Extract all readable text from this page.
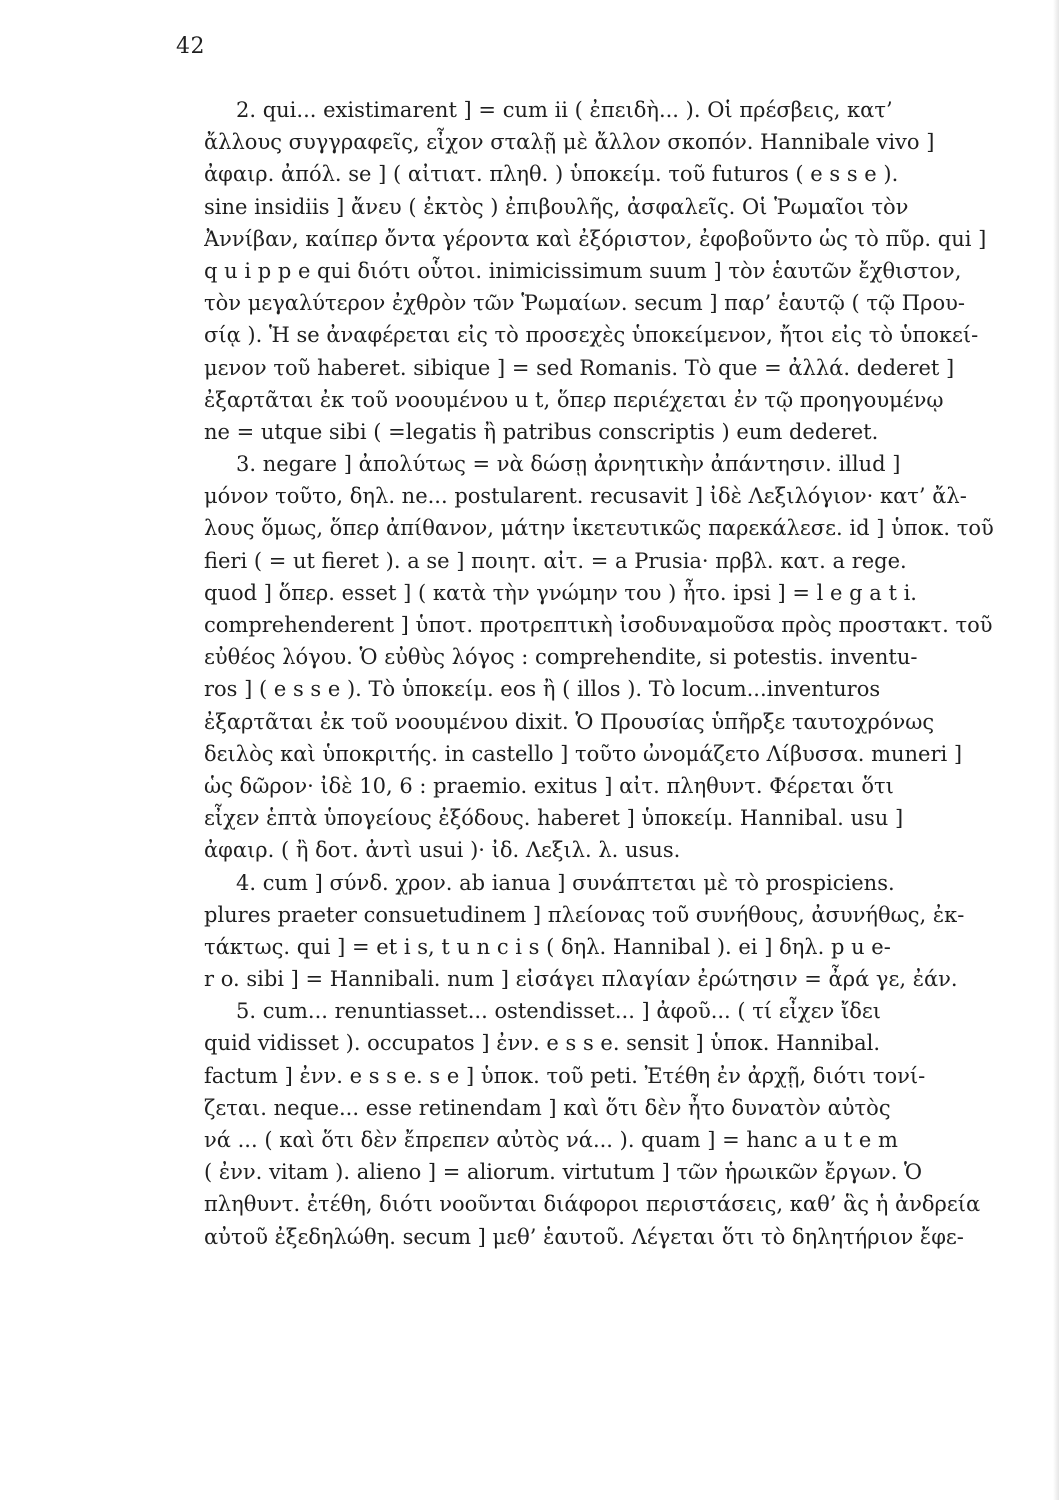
42
2. qui... existimarent ] = cum ii ( ἐπειδὴ... ). Οἱ πρέσβεις, κατ’
ἄλλους συγγραφεῖς, εἶχον σταλῇ μὲ ἄλλον σκοπόν. Hannibale vivo ]
ἀφαιρ. ἀπόλ. se ] ( αἰτιατ. πληθ. ) ὑποκείμ. τοῦ futuros ( e s s e ).
sine insidiis ] ἄνευ ( ἐκτὸς ) ἐπιβουλῆς, ἀσφαλεῖς. Οἱ Ῥωμαῖοι τὸν
Ἀννίβαν, καίπερ ὄντα γέροντα καὶ ἐξόριστον, ἐφοβοῦντο ὡς τὸ πῦρ. qui ]
q u i p p e qui διότι οὗτοι. inimicissimum suum ] τὸν ἑαυτῶν ἔχθιστον,
τὸν μεγαλύτερον ἐχθρὸν τῶν Ῥωμαίων. secum ] παρ’ ἑαυτῷ ( τῷ Πρου-
σίᾳ ). Ἡ se ἀναφέρεται εἰς τὸ προσεχὲς ὑποκείμενον, ἤτοι εἰς τὸ ὑποκεί-
μενον τοῦ haberet. sibique ] = sed Romanis. Τὸ que = ἀλλά. dederet ]
ἐξαρτᾶται ἐκ τοῦ νοουμένου u t, ὅπερ περιέχεται ἐν τῷ προηγουμένῳ
ne = utque sibi ( =legatis ἢ patribus conscriptis ) eum dederet.
3. negare ] ἀπολύτως = νὰ δώσῃ ἀρνητικὴν ἀπάντησιν. illud ]
μόνον τοῦτο, δηλ. ne... postularent. recusavit ] ἰδὲ Λεξιλόγιον· κατ’ ἄλ-
λους ὅμως, ὅπερ ἀπίθανον, μάτην ἱκετευτικῶς παρεκάλεσε. id ] ὑποκ. τοῦ
fieri ( = ut fieret ). a se ] ποιητ. αἰτ. = a Prusia· πρβλ. κατ. a rege.
quod ] ὅπερ. esset ] ( κατὰ τὴν γνώμην του ) ἦτο. ipsi ] = l e g a t i.
comprehenderent ] ὑποτ. προτρεπτικὴ ἰσοδυναμοῦσα πρὸς προστακτ. τοῦ
εὐθέος λόγου. Ὁ εὐθὺς λόγος : comprehendite, si potestis. inventu-
ros ] ( e s s e ). Τὸ ὑποκείμ. eos ἢ ( illos ). Τὸ locum...inventuros
ἐξαρτᾶται ἐκ τοῦ νοουμένου dixit. Ὁ Προυσίας ὑπῆρξε ταυτοχρόνως
δειλὸς καὶ ὑποκριτής. in castello ] τοῦτο ὠνομάζετο Λίβυσσα. muneri ]
ὡς δῶρον· ἰδὲ 10, 6 : praemio. exitus ] αἰτ. πληθυντ. Φέρεται ὅτι
εἶχεν ἑπτὰ ὑπογείους ἐξόδους. haberet ] ὑποκείμ. Hannibal. usu ]
ἀφαιρ. ( ἢ δοτ. ἀντὶ usui )· ἰδ. Λεξιλ. λ. usus.
4. cum ] σύνδ. χρον. ab ianua ] συνάπτεται μὲ τὸ prospiciens.
plures praeter consuetudinem ] πλείονας τοῦ συνήθους, ἀσυνήθως, ἐκ-
τάκτως. qui ] = et i s, t u n c i s ( δηλ. Hannibal ). ei ] δηλ. p u e-
r o. sibi ] = Hannibali. num ] εἰσάγει πλαγίαν ἐρώτησιν = ἆρά γε, ἐάν.
5. cum... renuntiasset... ostendisset... ] ἀφοῦ... ( τί εἶχεν ἴδει
quid vidisset ). occupatos ] ἐνν. e s s e. sensit ] ὑποκ. Hannibal.
factum ] ἐνν. e s s e. s e ] ὑποκ. τοῦ peti. Ἐτέθη ἐν ἀρχῇ, διότι τονί-
ζεται. neque... esse retinendam ] καὶ ὅτι δὲν ἦτο δυνατὸν αὐτὸς
νά ... ( καὶ ὅτι δὲν ἔπρεπεν αὐτὸς νά... ). quam ] = hanc a u t e m
( ἐνν. vitam ). alieno ] = aliorum. virtutum ] τῶν ἡρωικῶν ἔργων. Ὁ
πληθυντ. ἐτέθη, διότι νοοῦνται διάφοροι περιστάσεις, καθ’ ἃς ἡ ἀνδρεία
αὐτοῦ ἐξεδηλώθη. secum ] μεθ’ ἑαυτοῦ. Λέγεται ὅτι τὸ δηλητήριον ἔφε-
